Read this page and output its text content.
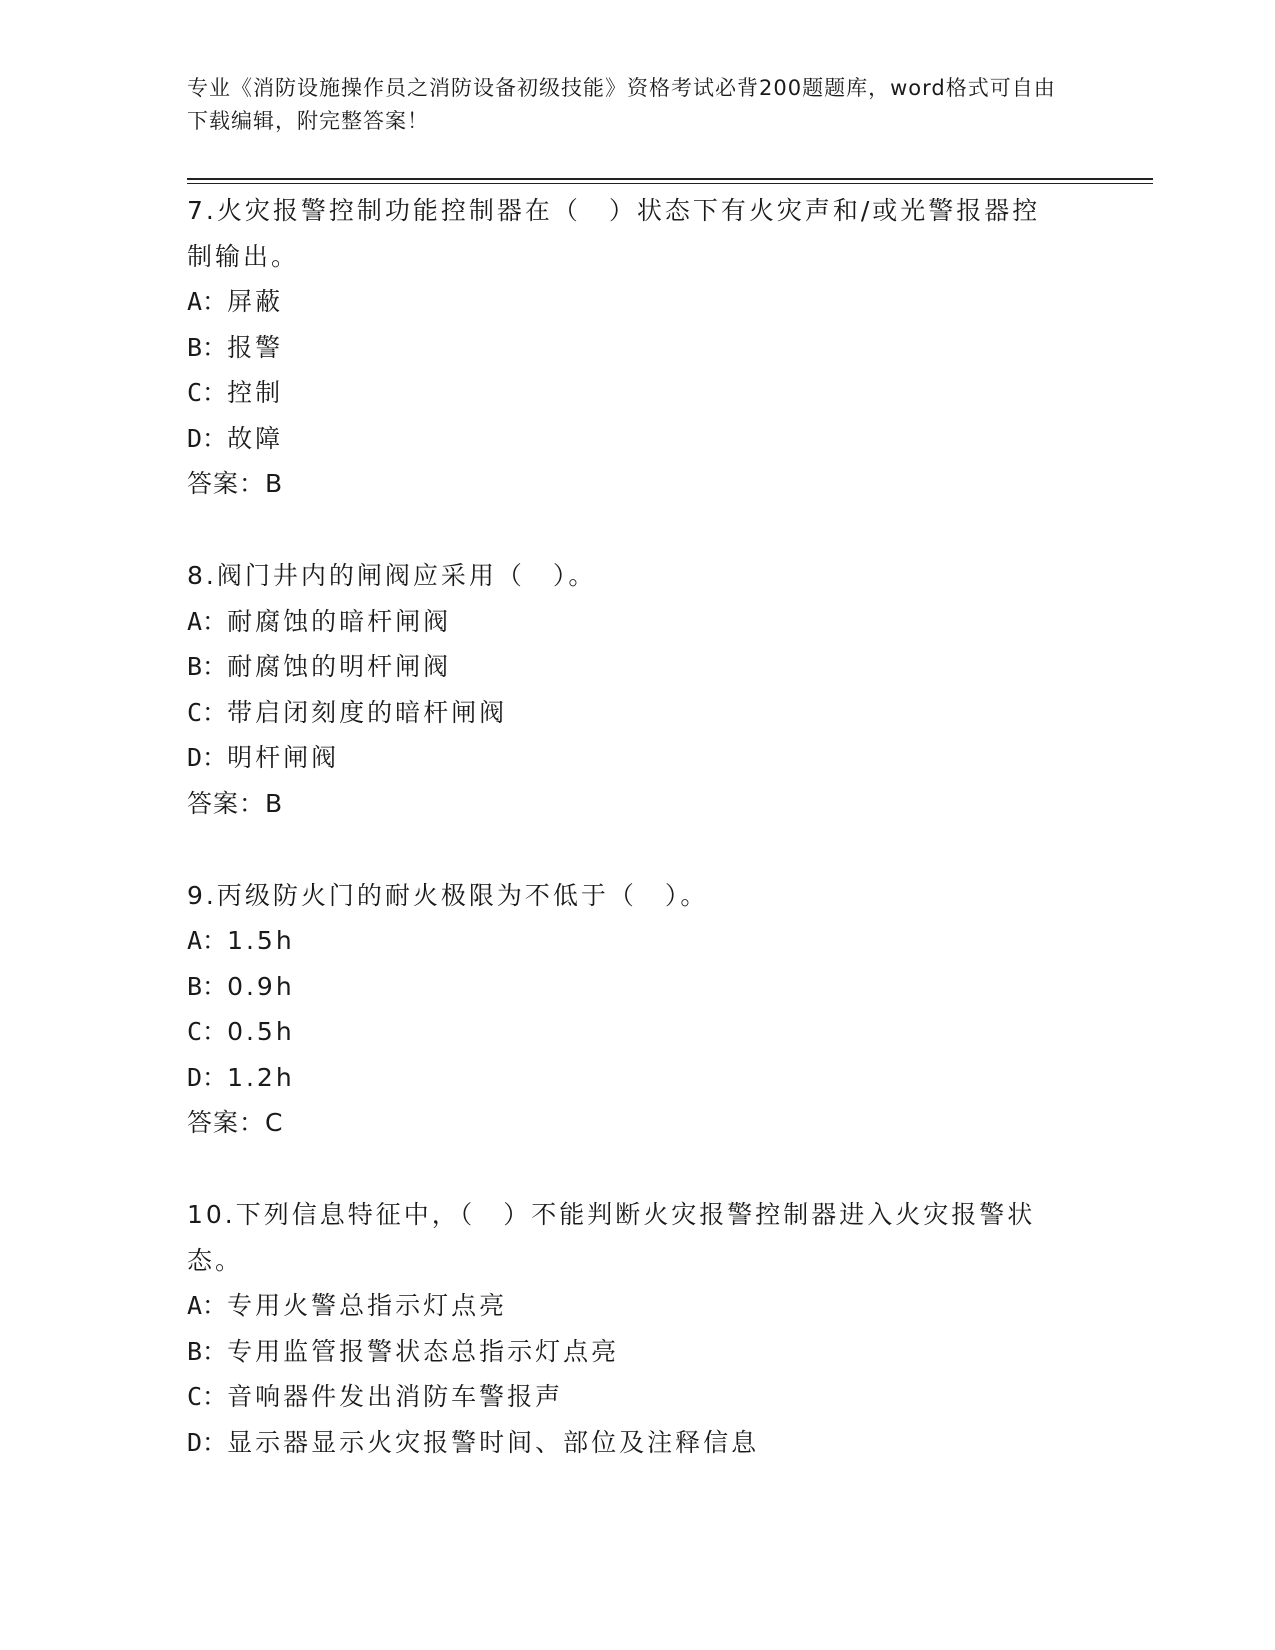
专业《消防设施操作员之消防设备初级技能》资格考试必背200题题库，word格式可自由下载编辑，附完整答案！
7.火灾报警控制功能控制器在（　）状态下有火灾声和/或光警报器控制输出。
A：屏蔽
B：报警
C：控制
D：故障
答案：B
8.阀门井内的闸阀应采用（　）。
A：耐腐蚀的暗杆闸阀
B：耐腐蚀的明杆闸阀
C：带启闭刻度的暗杆闸阀
D：明杆闸阀
答案：B
9.丙级防火门的耐火极限为不低于（　）。
A：1.5h
B：0.9h
C：0.5h
D：1.2h
答案：C
10.下列信息特征中，（　）不能判断火灾报警控制器进入火灾报警状态。
A：专用火警总指示灯点亮
B：专用监管报警状态总指示灯点亮
C：音响器件发出消防车警报声
D：显示器显示火灾报警时间、部位及注释信息
